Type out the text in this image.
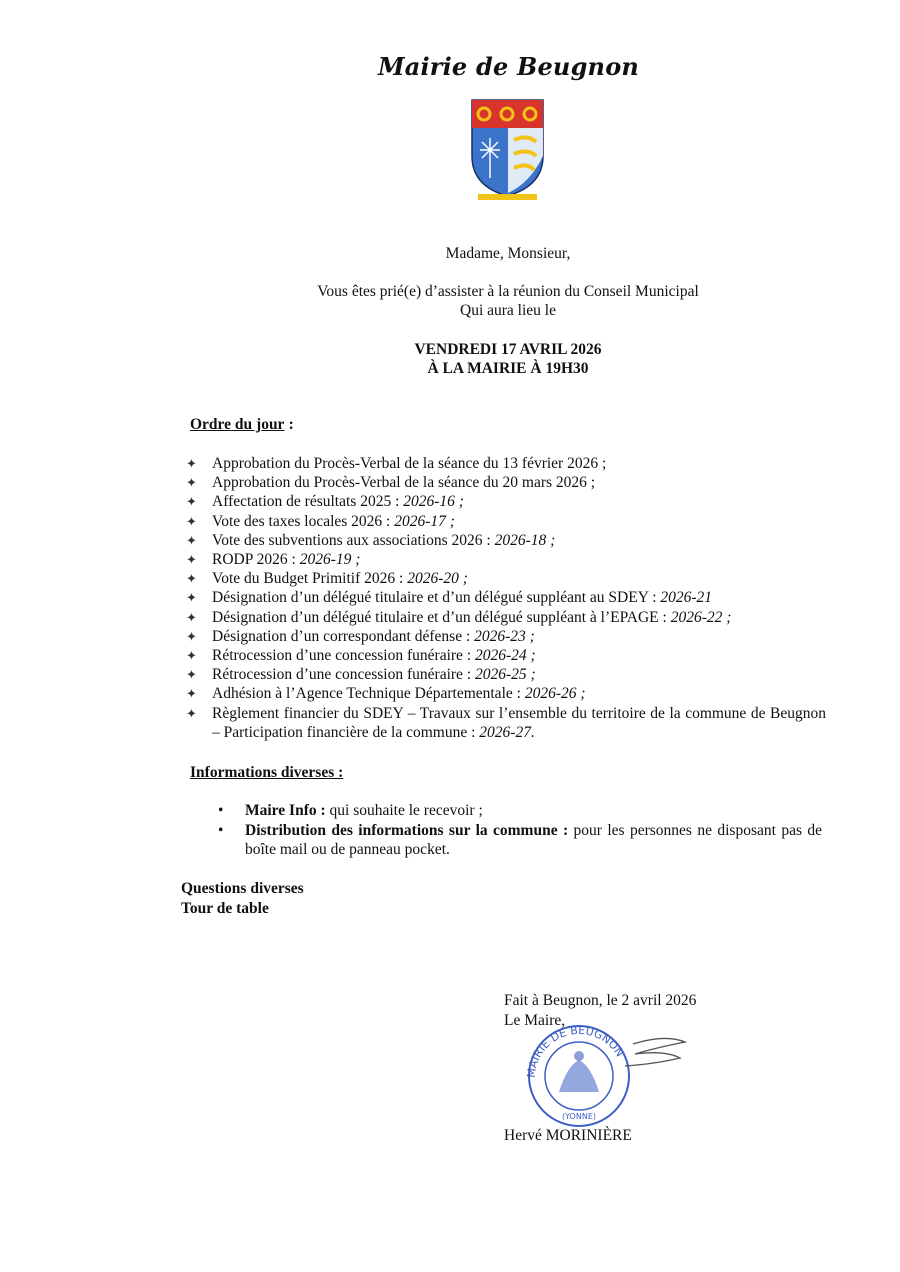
Mairie de Beugnon
Madame, Monsieur,
Vous êtes prié(e) d’assister à la réunion du Conseil Municipal
Qui aura lieu le
VENDREDI 17 AVRIL 2026
À LA MAIRIE À 19H30
Ordre du jour :
✦ Approbation du Procès-Verbal de la séance du 13 février 2026 ;
✦ Approbation du Procès-Verbal de la séance du 20 mars 2026 ;
✦ Affectation de résultats 2025 : 2026-16 ;
✦ Vote des taxes locales 2026 : 2026-17 ;
✦ Vote des subventions aux associations 2026 : 2026-18 ;
✦ RODP 2026 : 2026-19 ;
✦ Vote du Budget Primitif 2026 : 2026-20 ;
✦ Désignation d’un délégué titulaire et d’un délégué suppléant au SDEY : 2026-21
✦ Désignation d’un délégué titulaire et d’un délégué suppléant à l’EPAGE : 2026-22 ;
✦ Désignation d’un correspondant défense : 2026-23 ;
✦ Rétrocession d’une concession funéraire : 2026-24 ;
✦ Rétrocession d’une concession funéraire : 2026-25 ;
✦ Adhésion à l’Agence Technique Départementale : 2026-26 ;
✦ Règlement financier du SDEY – Travaux sur l’ensemble du territoire de la commune de Beugnon – Participation financière de la commune : 2026-27.
Informations diverses :
• Maire Info : qui souhaite le recevoir ;
• Distribution des informations sur la commune : pour les personnes ne disposant pas de boîte mail ou de panneau pocket.
Questions diverses
Tour de table
Fait à Beugnon, le 2 avril 2026
Le Maire,
MAIRIE DE BEUGNON
(YONNE)
Hervé MORINIÈRE
